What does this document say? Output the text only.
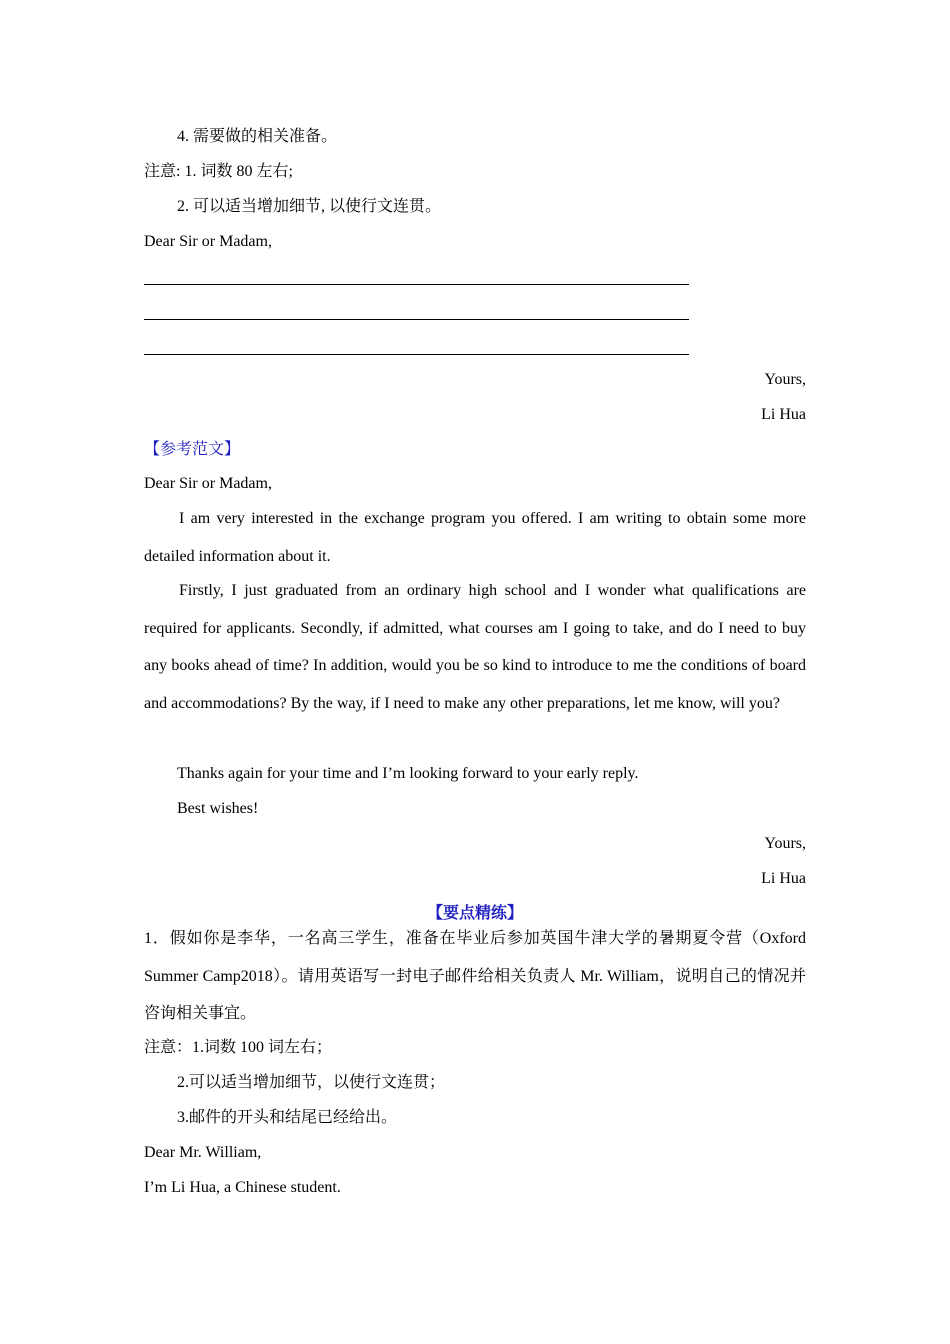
4. 需要做的相关准备。
注意: 1. 词数 80 左右;
2. 可以适当增加细节, 以使行文连贯。
Dear Sir or Madam,
Yours,
Li Hua
【参考范文】
Dear Sir or Madam,
I am very interested in the exchange program you offered. I am writing to obtain some more detailed information about it.
Firstly, I just graduated from an ordinary high school and I wonder what qualifications are required for applicants. Secondly, if admitted, what courses am I going to take, and do I need to buy any books ahead of time? In addition, would you be so kind to introduce to me the conditions of board and accommodations? By the way, if I need to make any other preparations, let me know, will you?
Thanks again for your time and I’m looking forward to your early reply.
Best wishes!
Yours,
Li Hua
【要点精练】
1．假如你是李华，一名高三学生，准备在毕业后参加英国牛津大学的暑期夏令营（Oxford Summer Camp2018）。请用英语写一封电子邮件给相关负责人 Mr. William，说明自己的情况并咨询相关事宜。
注意：1.词数 100 词左右；
2.可以适当增加细节，以使行文连贯；
3.邮件的开头和结尾已经给出。
Dear Mr. William,
I’m Li Hua, a Chinese student.
